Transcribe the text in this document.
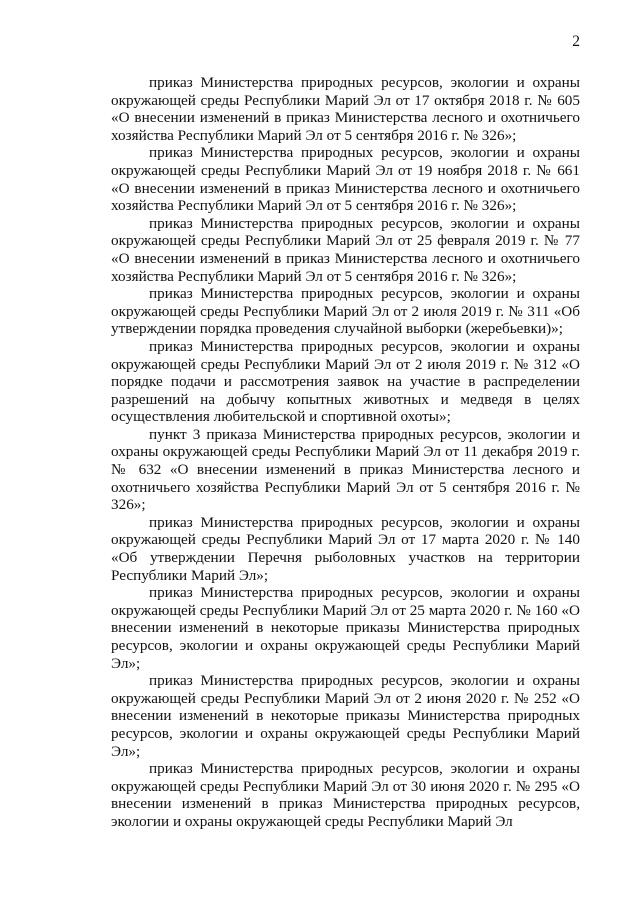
2

приказ Министерства природных ресурсов, экологии и охраны окружающей среды Республики Марий Эл от 17 октября 2018 г. № 605 «О внесении изменений в приказ Министерства лесного и охотничьего хозяйства Республики Марий Эл от 5 сентября 2016 г. № 326»;

приказ Министерства природных ресурсов, экологии и охраны окружающей среды Республики Марий Эл от 19 ноября 2018 г. № 661 «О внесении изменений в приказ Министерства лесного и охотничьего хозяйства Республики Марий Эл от 5 сентября 2016 г. № 326»;

приказ Министерства природных ресурсов, экологии и охраны окружающей среды Республики Марий Эл от 25 февраля 2019 г. № 77 «О внесении изменений в приказ Министерства лесного и охотничьего хозяйства Республики Марий Эл от 5 сентября 2016 г. № 326»;

приказ Министерства природных ресурсов, экологии и охраны окружающей среды Республики Марий Эл от 2 июля 2019 г. № 311 «Об утверждении порядка проведения случайной выборки (жеребьевки)»;

приказ Министерства природных ресурсов, экологии и охраны окружающей среды Республики Марий Эл от 2 июля 2019 г. № 312 «О порядке подачи и рассмотрения заявок на участие в распределении разрешений на добычу копытных животных и медведя в целях осуществления любительской и спортивной охоты»;

пункт 3 приказа Министерства природных ресурсов, экологии и охраны окружающей среды Республики Марий Эл от 11 декабря 2019 г. № 632 «О внесении изменений в приказ Министерства лесного и охотничьего хозяйства Республики Марий Эл от 5 сентября 2016 г. № 326»;

приказ Министерства природных ресурсов, экологии и охраны окружающей среды Республики Марий Эл от 17 марта 2020 г. № 140 «Об утверждении Перечня рыболовных участков на территории Республики Марий Эл»;

приказ Министерства природных ресурсов, экологии и охраны окружающей среды Республики Марий Эл от 25 марта 2020 г. № 160 «О внесении изменений в некоторые приказы Министерства природных ресурсов, экологии и охраны окружающей среды Республики Марий Эл»;

приказ Министерства природных ресурсов, экологии и охраны окружающей среды Республики Марий Эл от 2 июня 2020 г. № 252 «О внесении изменений в некоторые приказы Министерства природных ресурсов, экологии и охраны окружающей среды Республики Марий Эл»;

приказ Министерства природных ресурсов, экологии и охраны окружающей среды Республики Марий Эл от 30 июня 2020 г. № 295 «О внесении изменений в приказ Министерства природных ресурсов, экологии и охраны окружающей среды Республики Марий Эл
